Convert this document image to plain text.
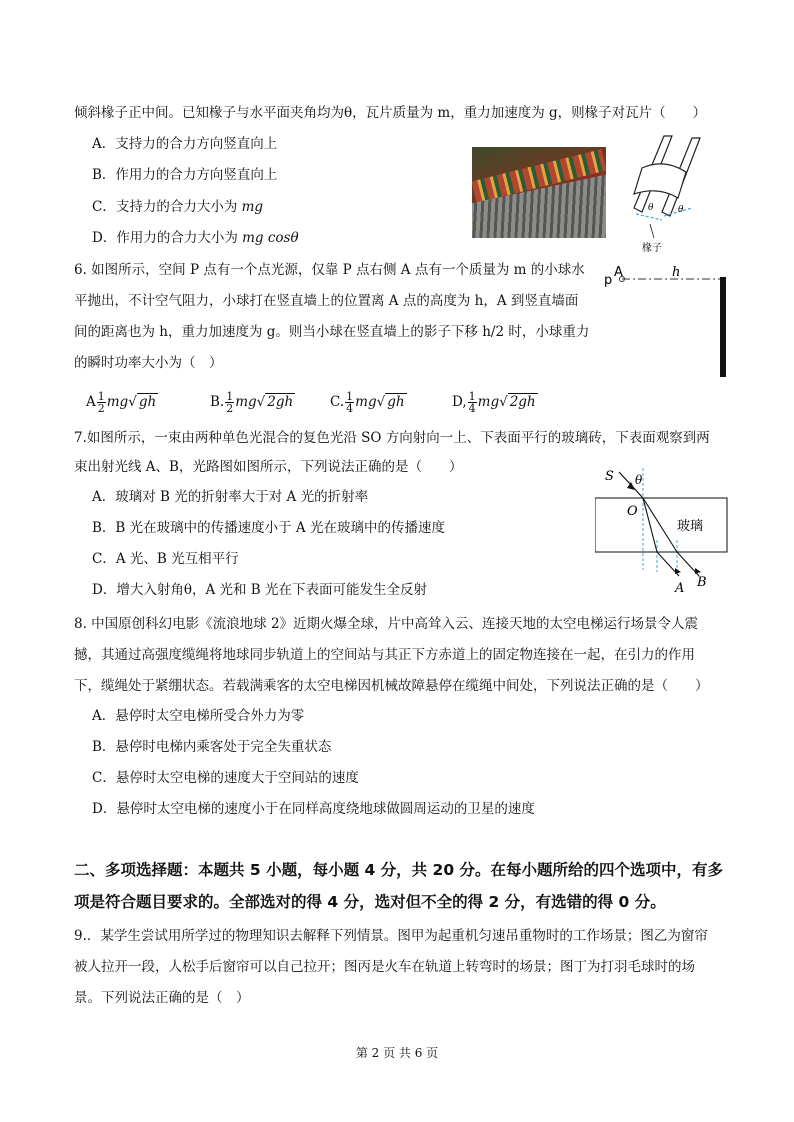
倾斜椽子正中间。已知椽子与水平面夹角均为θ，瓦片质量为 m，重力加速度为 g，则椽子对瓦片（　　）
A．支持力的合力方向竖直向上
B．作用力的合力方向竖直向上
C．支持力的合力大小为 mg
D．作用力的合力大小为 mg cosθ
θ	θ
椽子
6. 如图所示，空间 P 点有一个点光源，仅靠 P 点右侧 A 点有一个质量为 m 的小球水
平抛出，不计空气阻力，小球打在竖直墙上的位置离 A 点的高度为 h，A 到竖直墙面
间的距离也为 h，重力加速度为 g。则当小球在竖直墙上的影子下移 h/2 时，小球重力
的瞬时功率大小为（　）
p
A	h
A $\frac{1}{2} mg√$ gh	B. $\frac{1}{2} mg√$ 2gh	C. $\frac{1}{4} mg√$ gh	D, $\frac{1}{4} mg√$ 2gh
7.如图所示，一束由两种单色光混合的复色光沿 SO 方向射向一上、下表面平行的玻璃砖，下表面观察到两
束出射光线 A、B，光路图如图所示，下列说法正确的是（　　）
A．玻璃对 B 光的折射率大于对 A 光的折射率
B．B 光在玻璃中的传播速度小于 A 光在玻璃中的传播速度
C．A 光、B 光互相平行
D．增大入射角θ，A 光和 B 光在下表面可能发生全反射
S θ
O
玻璃
A B
8. 中国原创科幻电影《流浪地球 2》近期火爆全球，片中高耸入云、连接天地的太空电梯运行场景令人震
撼，其通过高强度缆绳将地球同步轨道上的空间站与其正下方赤道上的固定物连接在一起，在引力的作用
下，缆绳处于紧绷状态。若载满乘客的太空电梯因机械故障悬停在缆绳中间处，下列说法正确的是（　　）
A．悬停时太空电梯所受合外力为零
B．悬停时电梯内乘客处于完全失重状态
C．悬停时太空电梯的速度大于空间站的速度
D．悬停时太空电梯的速度小于在同样高度绕地球做圆周运动的卫星的速度
二、多项选择题：本题共 5 小题，每小题 4 分，共 20 分。在每小题所给的四个选项中，有多
项是符合题目要求的。全部选对的得 4 分，选对但不全的得 2 分，有选错的得 0 分。
9.．某学生尝试用所学过的物理知识去解释下列情景。图甲为起重机匀速吊重物时的工作场景；图乙为窗帘
被人拉开一段，人松手后窗帘可以自己拉开；图丙是火车在轨道上转弯时的场景；图丁为打羽毛球时的场
景。下列说法正确的是（　）
第 2 页 共 6 页
